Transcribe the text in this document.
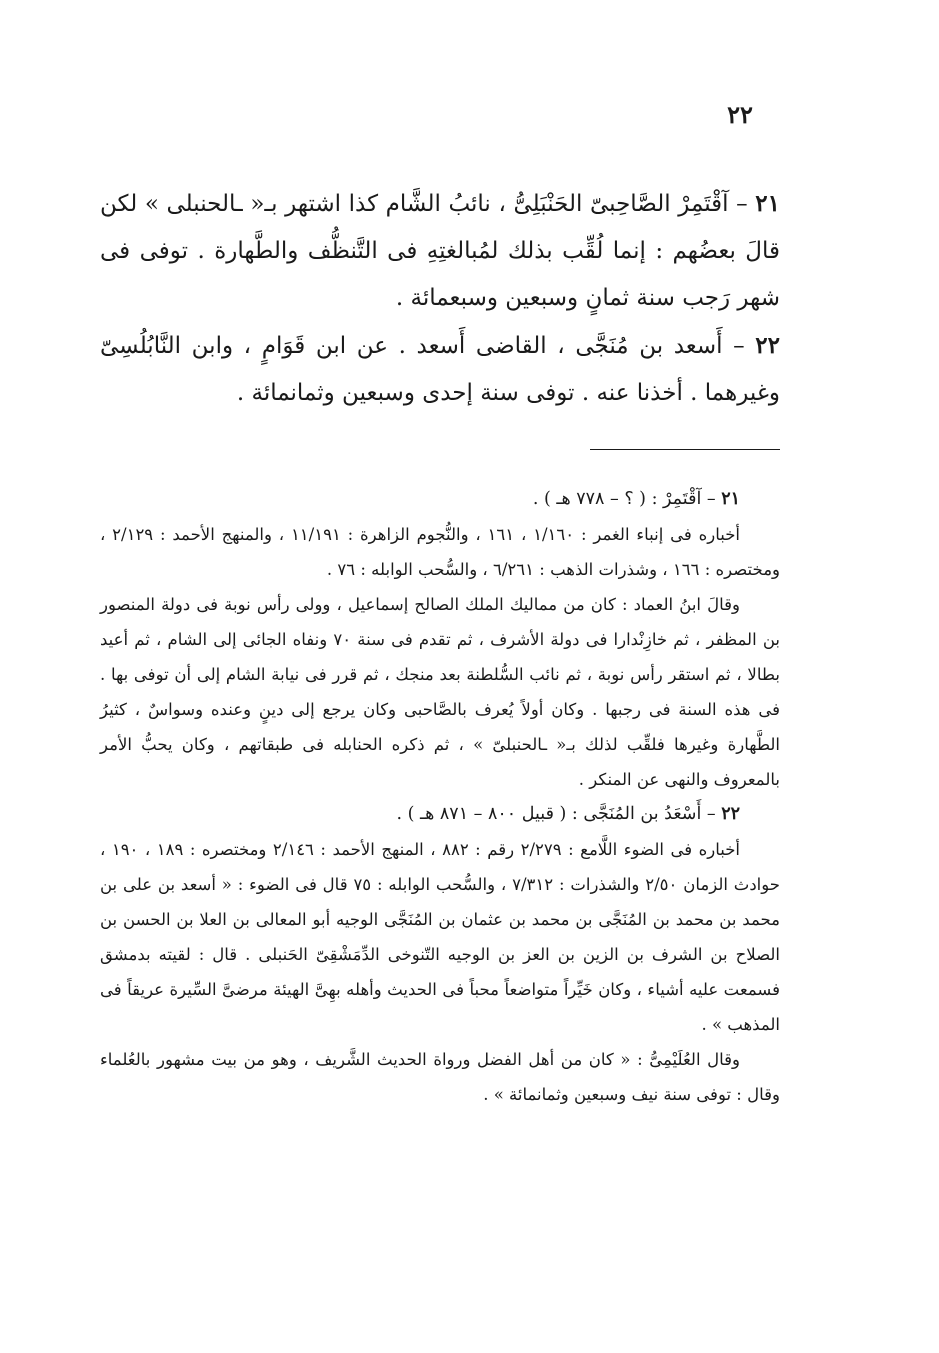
٢٢

٢١ – آقْتَمِرْ الصَّاحِبىّ الحَنْبَلِىُّ ، نائبُ الشَّام كذا اشتهر بـ« ـالحنبلى » لكن قالَ بعضُهم : إنما لُقِّب بذلك لمُبالغتِهِ فى التَّنظُّف والطَّهارة . توفى فى شهر رَجب سنة ثمانٍ وسبعين وسبعمائة .

٢٢ – أَسعد بن مُنَجَّى ، القاضى أَسعد . عن ابن قَوَامٍ ، وابن النَّابُلُسِىّ وغيرهما . أخذنا عنه . توفى سنة إحدى وسبعين وثمانمائة .

٢١ – آقْتَمِرْ : ( ؟ – ٧٧٨ هـ ) .

أخباره فى إنباء الغمر : ١/١٦٠ ، ١٦١ ، والنُّجوم الزاهرة : ١١/١٩١ ، والمنهج الأحمد : ٢/١٢٩ ، ومختصره : ١٦٦ ، وشذرات الذهب : ٦/٢٦١ ، والسُّحب الوابله : ٧٦ .

وقالَ ابنُ العماد : كان من مماليك الملك الصالح إسماعيل ، وولى رأس نوبة فى دولة المنصور بن المظفر ، ثم خازِنْدارا فى دولة الأشرف ، ثم تقدم فى سنة ٧٠ ونفاه الجائى إلى الشام ، ثم أعيد بطالا ، ثم استقر رأس نوبة ، ثم نائب السُّلطنة بعد منجك ، ثم قرر فى نيابة الشام إلى أن توفى بها . فى هذه السنة فى رجبها . وكان أولاً يُعرف بالصَّاحبى وكان يرجع إلى دينٍ وعنده وسواسٌ ، كثيرُ الطَّهارة وغيرها فلقِّب لذلك بـ« ـالحنبلىّ » ، ثم ذكره الحنابله فى طبقاتهم ، وكان يحبُّ الأمر بالمعروف والنهى عن المنكر .

٢٢ – أَسْعَدُ بن المُنَجَّى : ( قبيل ٨٠٠ – ٨٧١ هـ ) .

أخباره فى الضوء اللَّامع : ٢/٢٧٩ رقم : ٨٨٢ ، المنهج الأحمد : ٢/١٤٦ ومختصره : ١٨٩ ، ١٩٠ ، حوادث الزمان ٢/٥٠ والشذرات : ٧/٣١٢ ، والسُّحب الوابله : ٧٥ قال فى الضوء : « أسعد بن على بن محمد بن محمد بن المُنَجَّى بن محمد بن عثمان بن المُنَجَّى الوجيه أبو المعالى بن العلا بن الحسن بن الصلاح بن الشرف بن الزين بن العز بن الوجيه التّنوخى الدِّمَشْقِىّ الحَنبلى . قال : لقيته بدمشق فسمعت عليه أشياء ، وكان خَيِّراً متواضعاً محباً فى الحديث وأهله بهِىَّ الهيئة مرضىَّ السِّيرة عريقاً فى المذهب » .

وقال العُلَيْمِىُّ : « كان من أهل الفضل ورواة الحديث الشَّريف ، وهو من بيت مشهور بالعُلماء وقال : توفى سنة نيف وسبعين وثمانمائة » .
